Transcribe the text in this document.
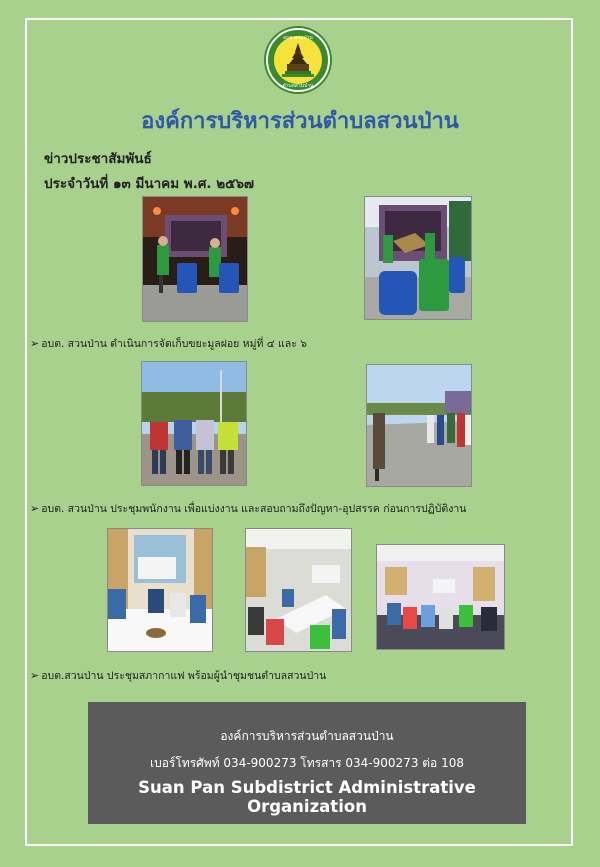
อบต.สวนป่าน
ตำบลสวนป่าน
องค์การบริหารส่วนตำบลสวนป่าน
ข่าวประชาสัมพันธ์
ประจำวันที่ ๑๓ มีนาคม พ.ศ. ๒๕๖๗
➢ อบต. สวนป่าน ดำเนินการจัดเก็บขยะมูลฝอย หมู่ที่ ๔ และ ๖
➢ อบต. สวนป่าน ประชุมพนักงาน เพื่อแบ่งงาน และสอบถามถึงปัญหา-อุปสรรค ก่อนการปฏิบัติงาน
➢ อบต.สวนป่าน ประชุมสภากาแฟ พร้อมผู้นำชุมชนตำบลสวนป่าน
องค์การบริหารส่วนตำบลสวนป่าน
เบอร์โทรศัพท์ 034-900273 โทรสาร 034-900273 ต่อ 108
Suan Pan Subdistrict Administrative Organization
